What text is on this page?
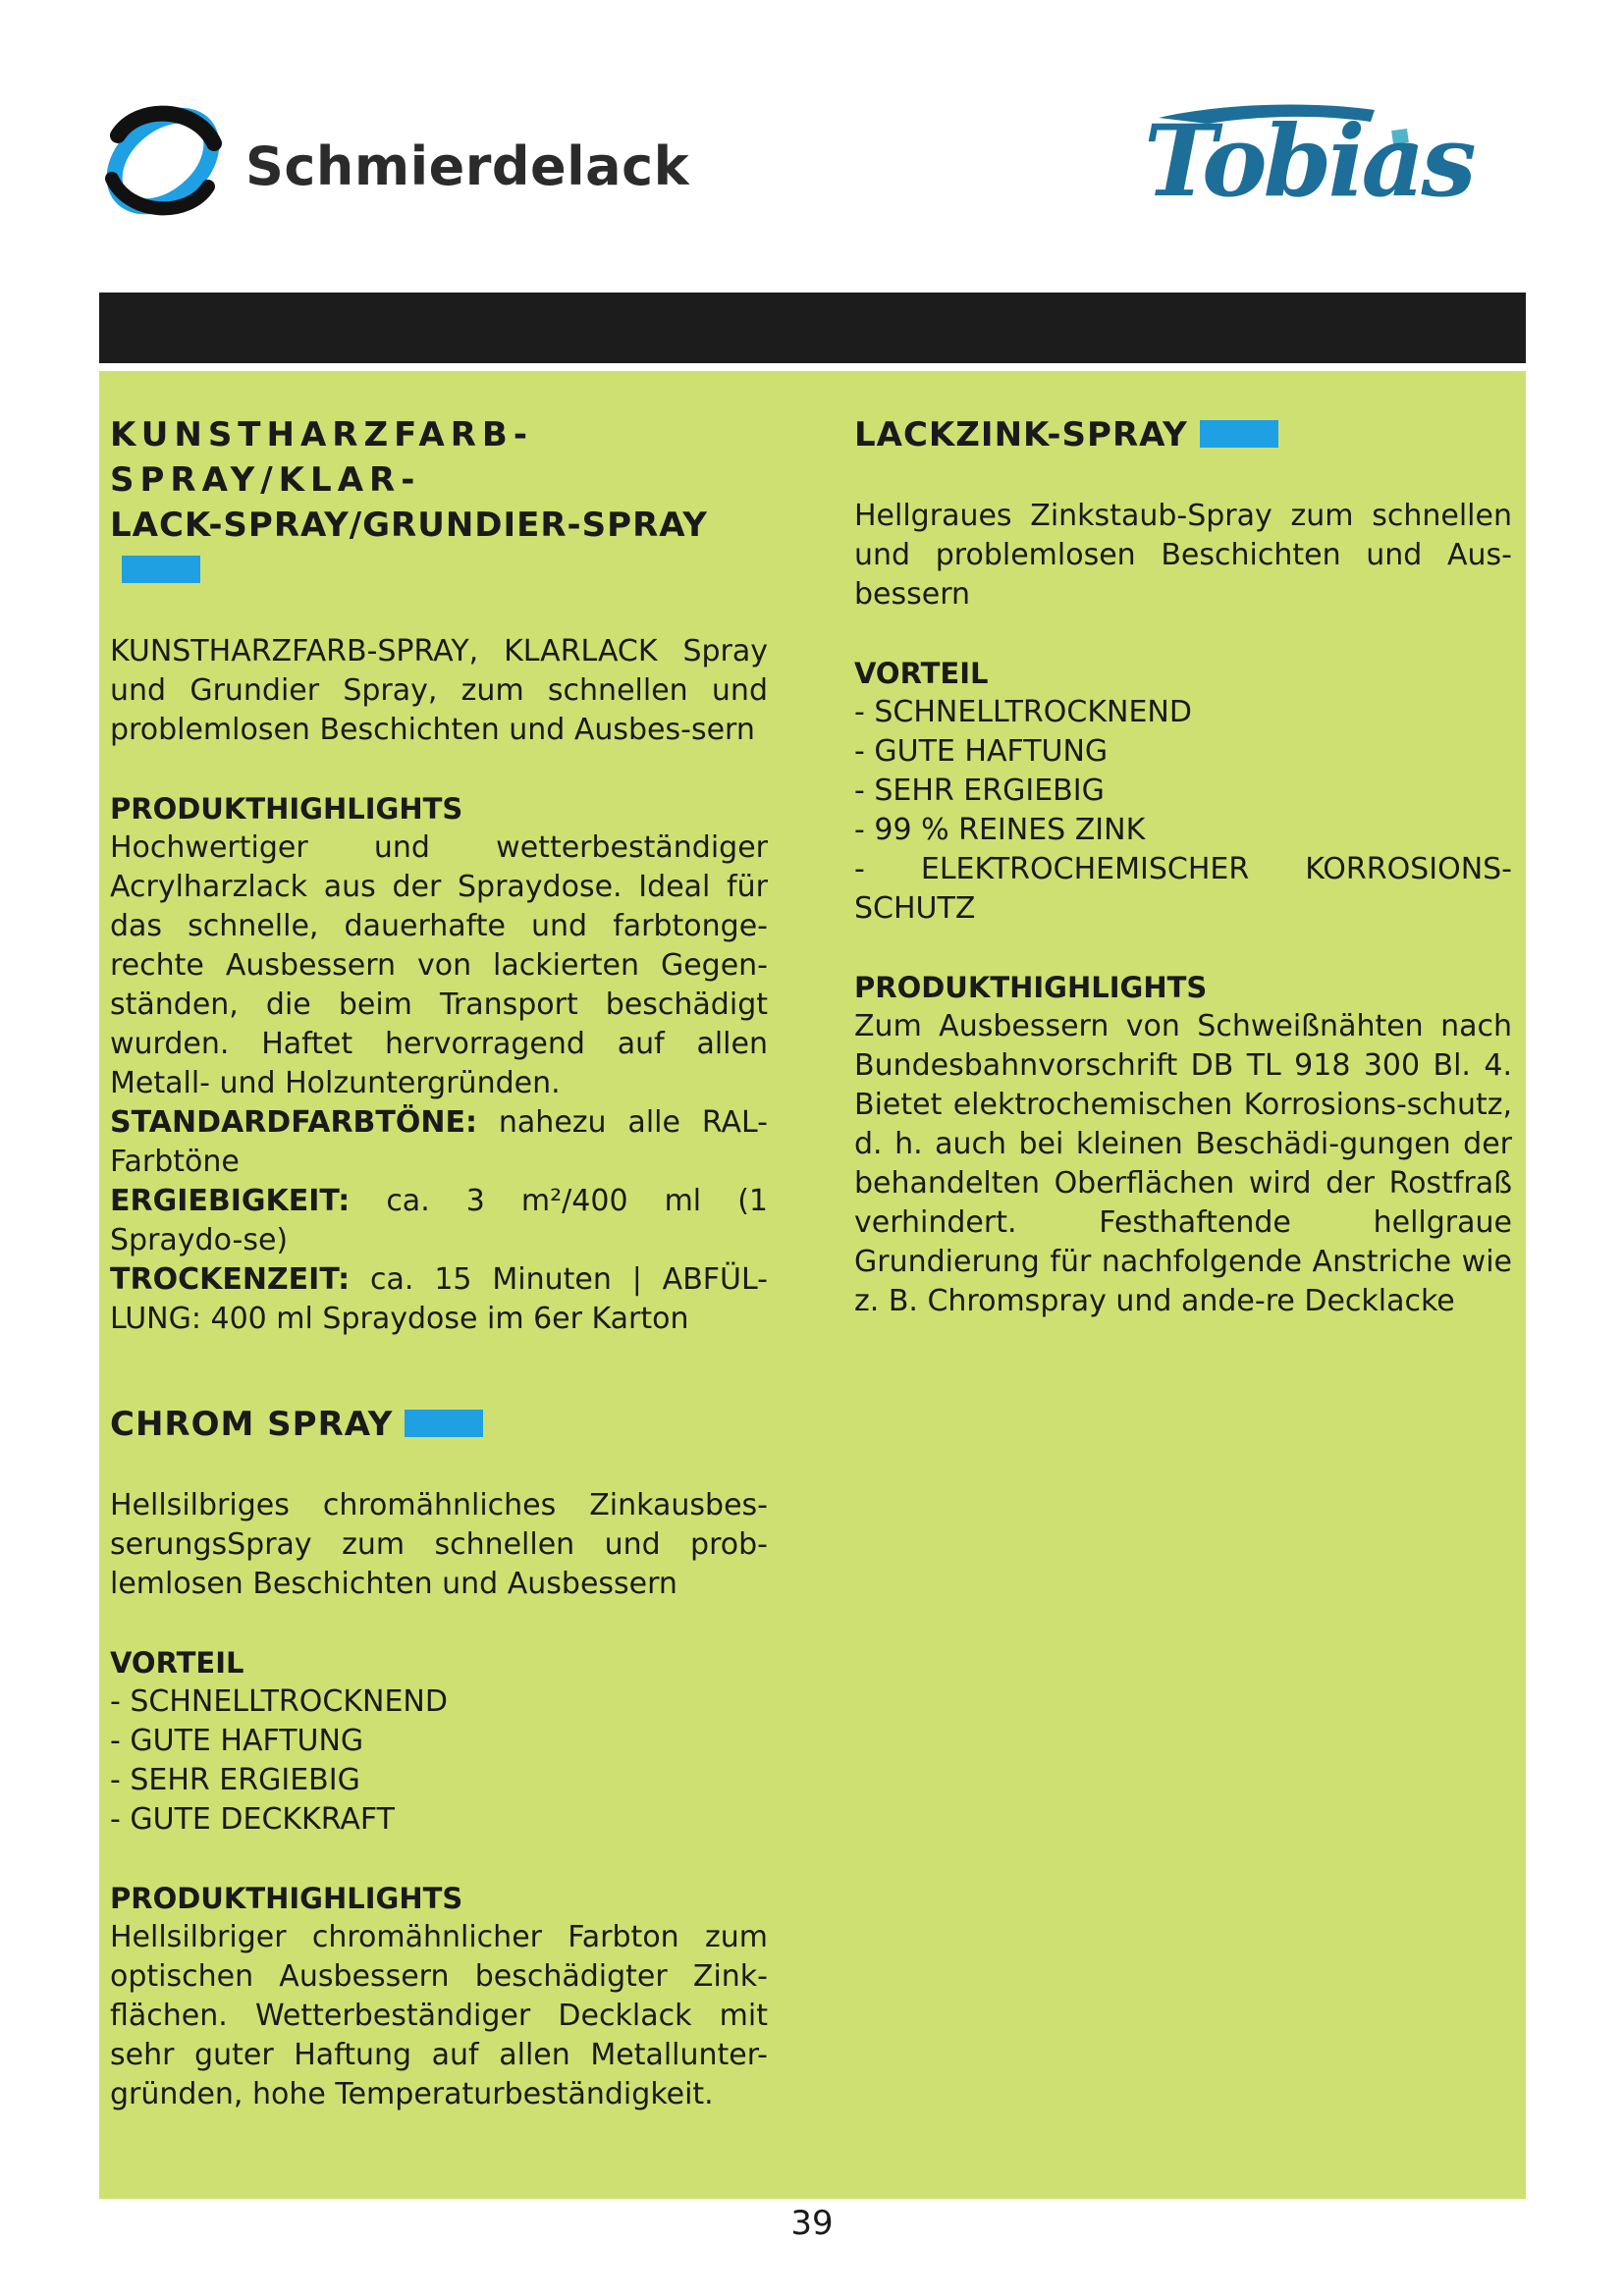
Schmierdelack	Tobias
KUNSTHARZFARB-SPRAY/KLAR-
LACK-SPRAY/GRUNDIER-SPRAY

KUNSTHARZFARB-SPRAY, KLARLACK Spray und Grundier Spray, zum schnellen und problemlosen Beschichten und Ausbes-sern

PRODUKTHIGHLIGHTS

Hochwertiger und wetterbeständiger Acrylharzlack aus der Spraydose. Ideal für das schnelle, dauerhafte und farbtonge-rechte Ausbessern von lackierten Gegen-ständen, die beim Transport beschädigt wurden. Haftet hervorragend auf allen Metall- und Holzuntergründen.

STANDARDFARBTÖNE: nahezu alle RAL-Farbtöne

ERGIEBIGKEIT: ca. 3 m²/400 ml (1 Spraydo-se)

TROCKENZEIT: ca. 15 Minuten | ABFÜL-LUNG: 400 ml Spraydose im 6er Karton

CHROM SPRAY

Hellsilbriges chromähnliches Zinkausbes-serungsSpray zum schnellen und prob-lemlosen Beschichten und Ausbessern

VORTEIL
- SCHNELLTROCKNEND
- GUTE HAFTUNG
- SEHR ERGIEBIG
- GUTE DECKKRAFT
PRODUKTHIGHLIGHTS

Hellsilbriger chromähnlicher Farbton zum optischen Ausbessern beschädigter Zink-flächen. Wetterbeständiger Decklack mit sehr guter Haftung auf allen Metallunter-gründen, hohe Temperaturbeständigkeit.

LACKZINK-SPRAY

Hellgraues Zinkstaub-Spray zum schnellen und problemlosen Beschichten und Aus-bessern

VORTEIL
- SCHNELLTROCKNEND
- GUTE HAFTUNG
- SEHR ERGIEBIG
- 99 % REINES ZINK

- ELEKTROCHEMISCHER KORROSIONS-SCHUTZ

PRODUKTHIGHLIGHTS

Zum Ausbessern von Schweißnähten nach Bundesbahnvorschrift DB TL 918 300 Bl. 4. Bietet elektrochemischen Korrosions-schutz, d. h. auch bei kleinen Beschädi-gungen der behandelten Oberflächen wird der Rostfraß verhindert. Festhaftende hellgraue Grundierung für nachfolgende Anstriche wie z. B. Chromspray und ande-re Decklacke

39
